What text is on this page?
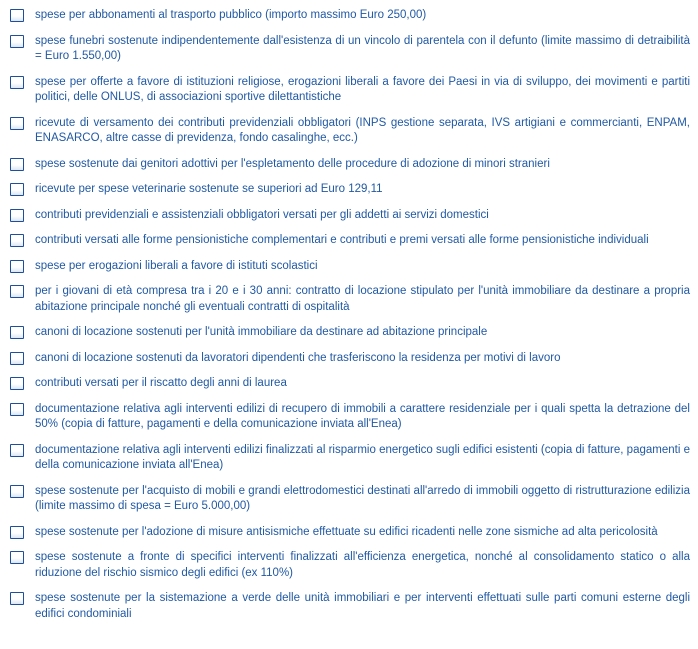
spese per abbonamenti al trasporto pubblico (importo massimo Euro 250,00)
spese funebri sostenute indipendentemente dall'esistenza di un vincolo di parentela con il defunto (limite massimo di detraibilità = Euro 1.550,00)
spese per offerte a favore di istituzioni religiose, erogazioni liberali a favore dei Paesi in via di sviluppo, dei movimenti e partiti politici, delle ONLUS, di associazioni sportive dilettantistiche
ricevute di versamento dei contributi previdenziali obbligatori (INPS gestione separata, IVS artigiani e commercianti, ENPAM, ENASARCO, altre casse di previdenza, fondo casalinghe, ecc.)
spese sostenute dai genitori adottivi per l'espletamento delle procedure di adozione di minori stranieri
ricevute per spese veterinarie sostenute se superiori ad Euro 129,11
contributi previdenziali e assistenziali obbligatori versati per gli addetti ai servizi domestici
contributi versati alle forme pensionistiche complementari e contributi e premi versati alle forme pensionistiche individuali
spese per erogazioni liberali a favore di istituti scolastici
per i giovani di età compresa tra i 20 e i 30 anni: contratto di locazione stipulato per l'unità immobiliare da destinare a propria abitazione principale nonché gli eventuali contratti di ospitalità
canoni di locazione sostenuti per l'unità immobiliare da destinare ad abitazione principale
canoni di locazione sostenuti da lavoratori dipendenti che trasferiscono la residenza per motivi di lavoro
contributi versati per il riscatto degli anni di laurea
documentazione relativa agli interventi edilizi di recupero di immobili a carattere residenziale per i quali spetta la detrazione del 50% (copia di fatture, pagamenti e della comunicazione inviata all'Enea)
documentazione relativa agli interventi edilizi finalizzati al risparmio energetico sugli edifici esistenti (copia di fatture, pagamenti e della comunicazione inviata all'Enea)
spese sostenute per l'acquisto di mobili e grandi elettrodomestici destinati all'arredo di immobili oggetto di ristrutturazione edilizia (limite massimo di spesa = Euro 5.000,00)
spese sostenute per l'adozione di misure antisismiche effettuate su edifici ricadenti nelle zone sismiche ad alta pericolosità
spese sostenute a fronte di specifici interventi finalizzati all'efficienza energetica, nonché al consolidamento statico o alla riduzione del rischio sismico degli edifici (ex 110%)
spese sostenute per la sistemazione a verde delle unità immobiliari e per interventi effettuati sulle parti comuni esterne degli edifici condominiali
